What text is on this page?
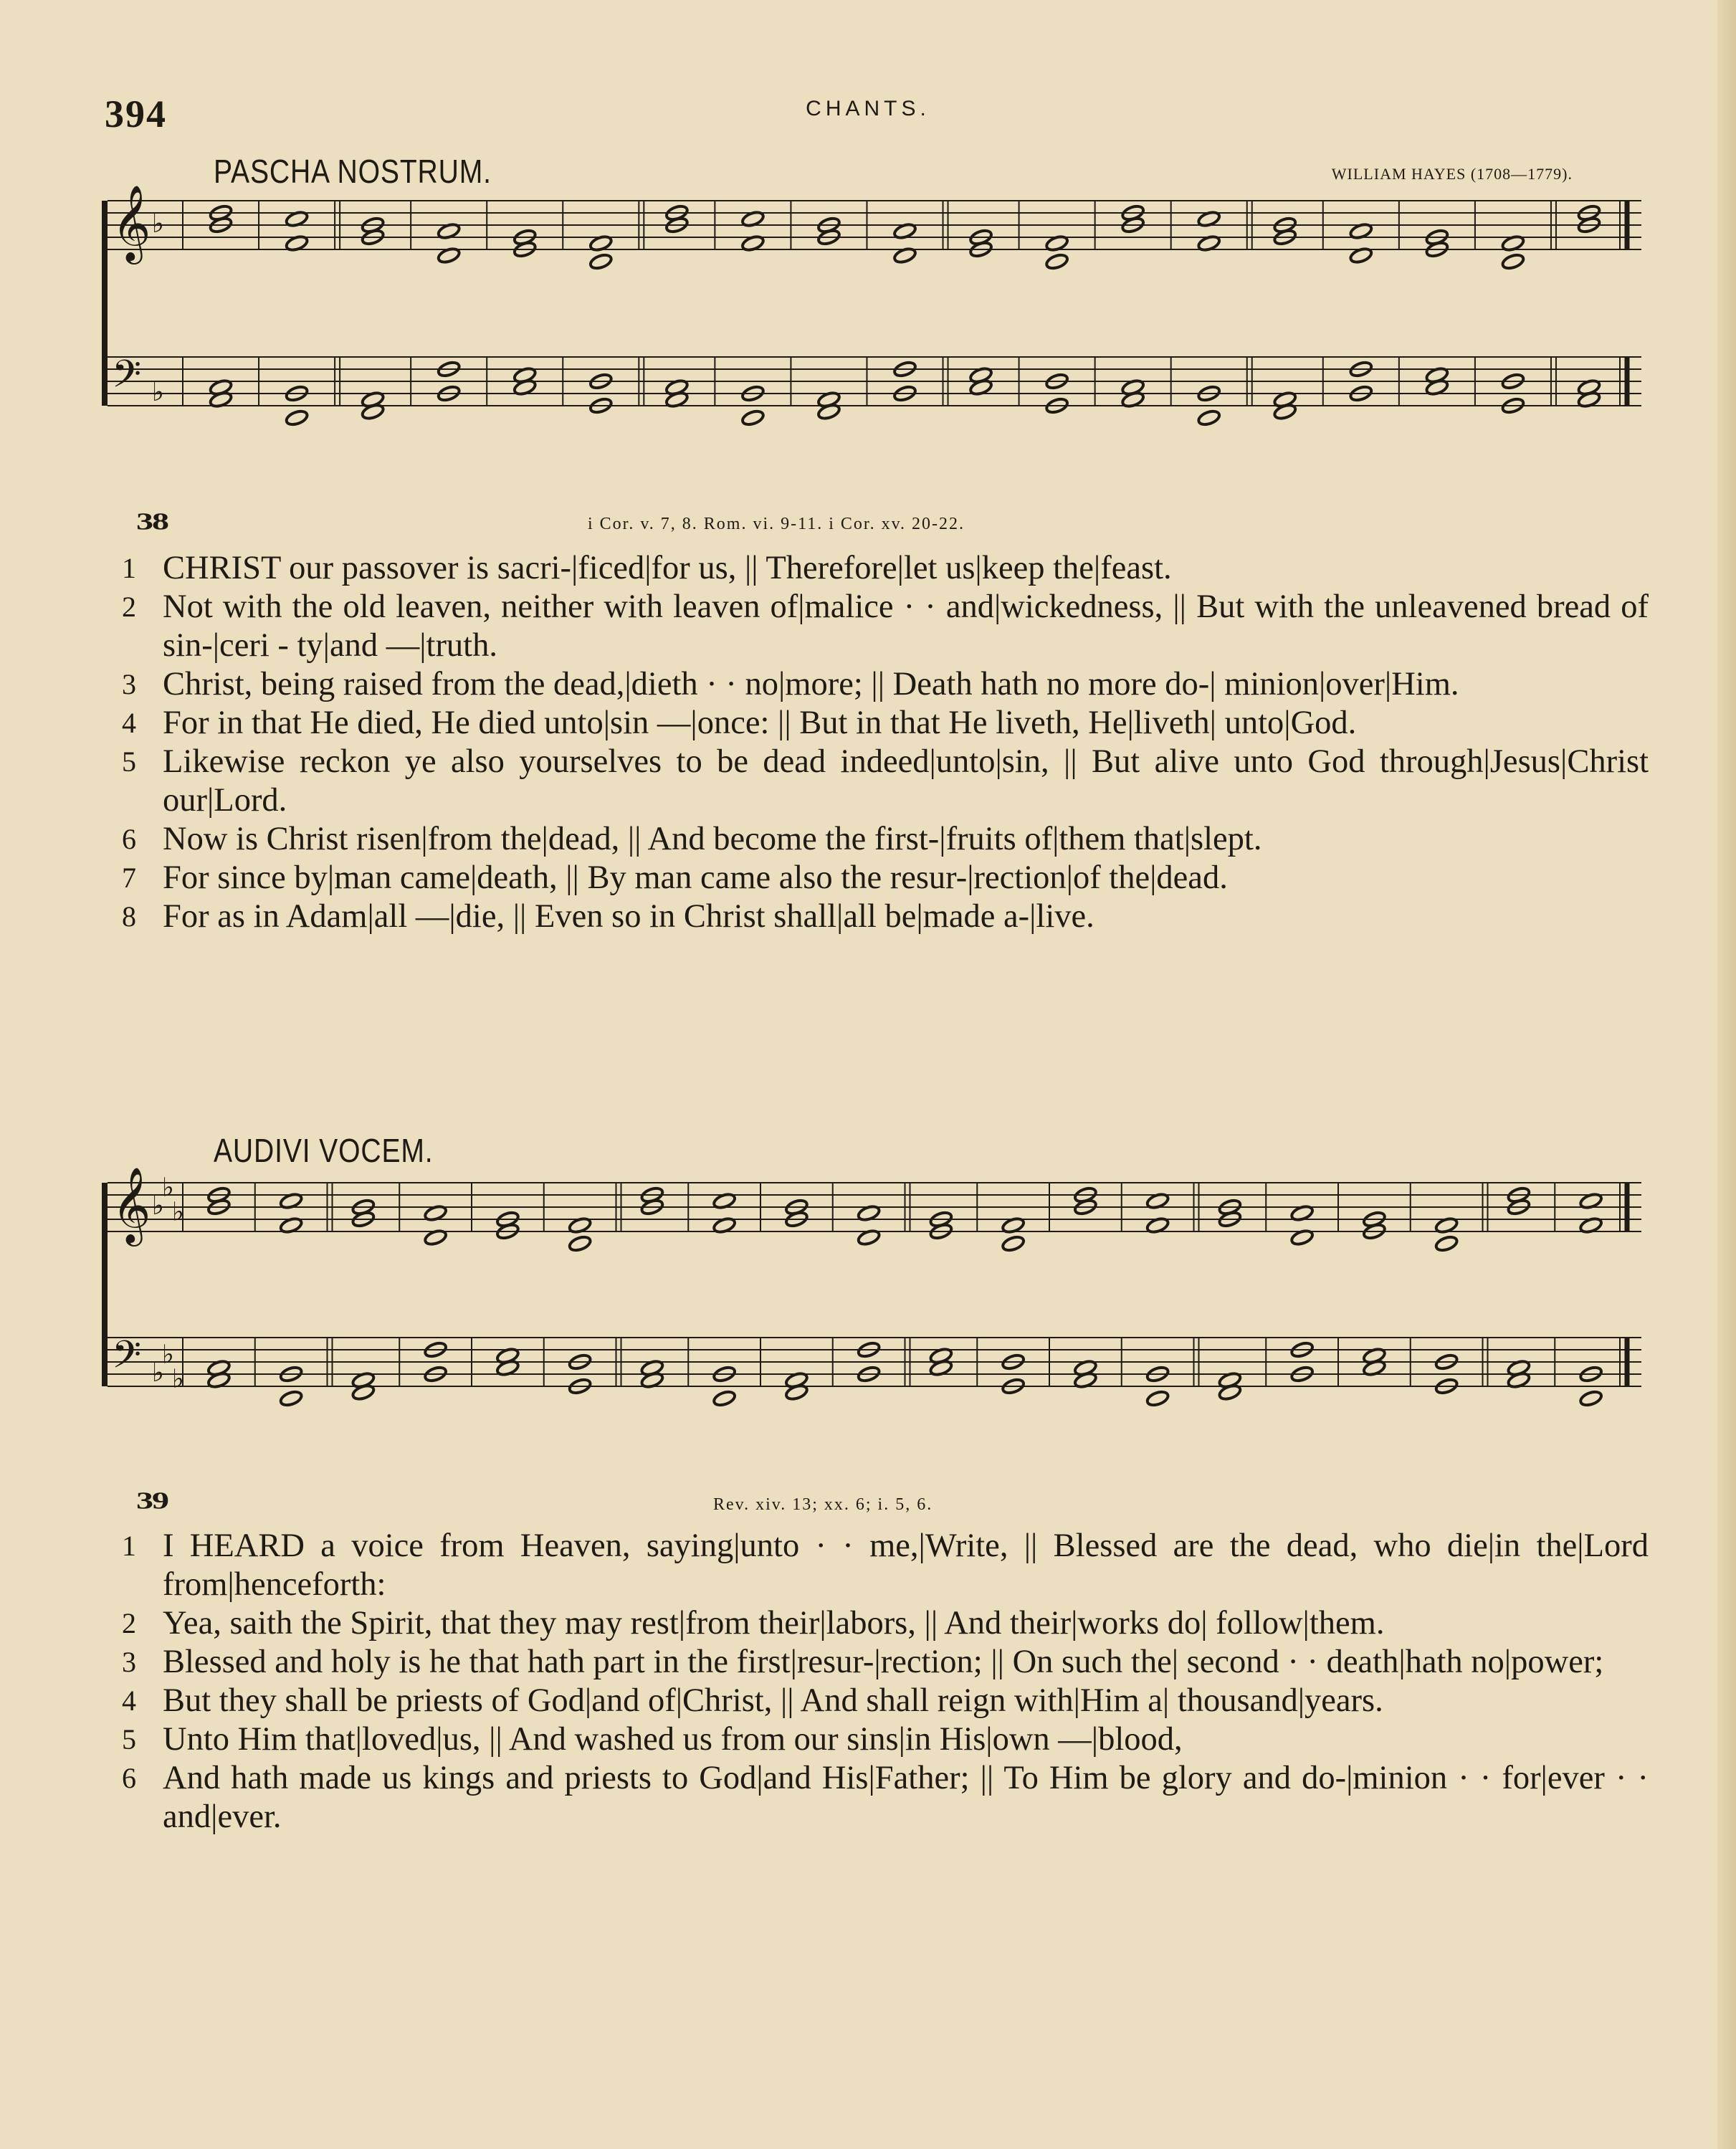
394	CHANTS.
PASCHA NOSTRUM.	WILLIAM HAYES (1708—1779).
𝄞 ♭
𝄢 ♭
38	i Cor. v. 7, 8. Rom. vi. 9-11. i Cor. xv. 20-22.
1 CHRIST our passover is sacri-|ficed|for us, || Therefore|let us|keep the|feast.
2 Not with the old leaven, neither with leaven of|malice · · and|wickedness, || But with the unleavened bread of sin-|ceri - ty|and —|truth.
3 Christ, being raised from the dead,|dieth · · no|more; || Death hath no more do-| minion|over|Him.
4 For in that He died, He died unto|sin —|once: || But in that He liveth, He|liveth| unto|God.
5 Likewise reckon ye also yourselves to be dead indeed|unto|sin, || But alive unto God through|Jesus|Christ our|Lord.
6 Now is Christ risen|from the|dead, || And become the first-|fruits of|them that|slept.
7 For since by|man came|death, || By man came also the resur-|rection|of the|dead.
8 For as in Adam|all —|die, || Even so in Christ shall|all be|made a-|live.
AUDIVI VOCEM.
𝄞 ♭
♭
♭
𝄢 ♭
♭
♭
39	Rev. xiv. 13; xx. 6; i. 5, 6.
1 I HEARD a voice from Heaven, saying|unto · · me,|Write, || Blessed are the dead, who die|in the|Lord from|henceforth:
2 Yea, saith the Spirit, that they may rest|from their|labors, || And their|works do| follow|them.
3 Blessed and holy is he that hath part in the first|resur-|rection; || On such the| second · · death|hath no|power;
4 But they shall be priests of God|and of|Christ, || And shall reign with|Him a| thousand|years.
5 Unto Him that|loved|us, || And washed us from our sins|in His|own —|blood,
6 And hath made us kings and priests to God|and His|Father; || To Him be glory and do-|minion · · for|ever · · and|ever.
